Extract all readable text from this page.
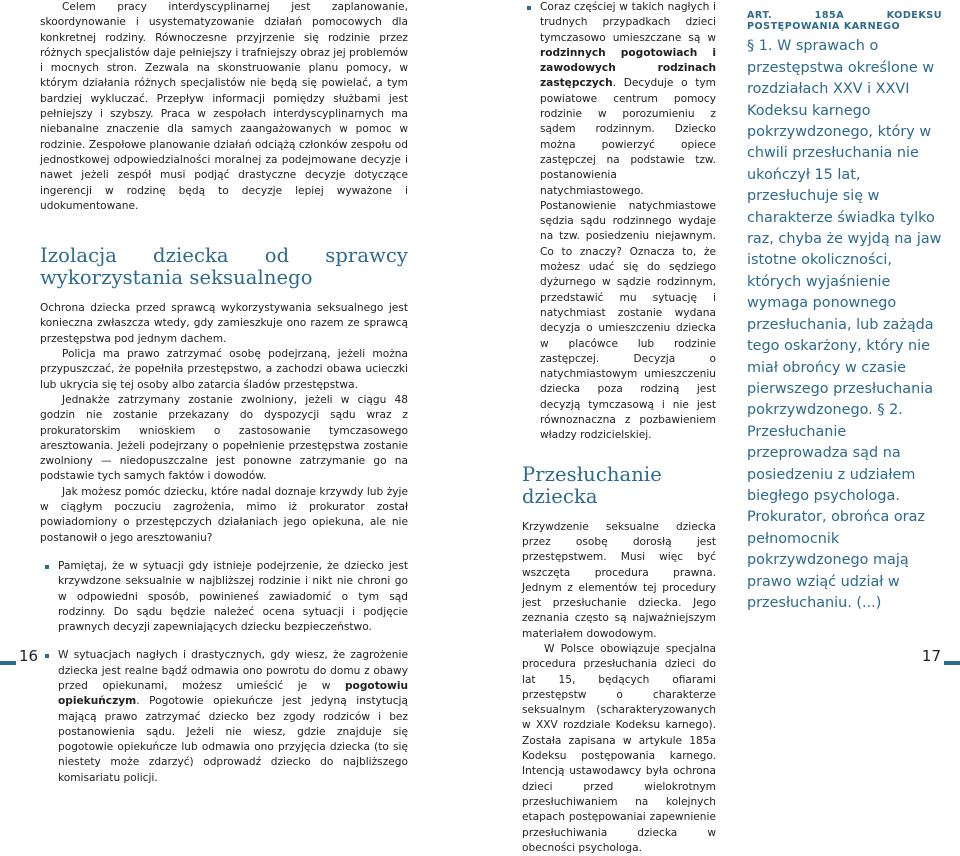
Celem pracy interdyscyplinarnej jest zaplanowanie, skoordynowanie i usystematyzowanie działań pomocowych dla konkretnej rodziny. Równoczesne przyjrzenie się rodzinie przez różnych specjalistów daje pełniejszy i trafniejszy obraz jej problemów i mocnych stron. Zezwala na skonstruowanie planu pomocy, w którym działania różnych specjalistów nie będą się powielać, a tym bardziej wykluczać. Przepływ informacji pomiędzy służbami jest pełniejszy i szybszy. Praca w zespołach interdyscyplinarnych ma niebanalne znaczenie dla samych zaangażowanych w pomoc w rodzinie. Zespołowe planowanie działań odciążą członków zespołu od jednostkowej odpowiedzialności moralnej za podejmowane decyzje i nawet jeżeli zespół musi podjąć drastyczne decyzje dotyczące ingerencji w rodzinę będą to decyzje lepiej wyważone i udokumentowane.

Izolacja dziecka od sprawcy wykorzystania seksualnego

Ochrona dziecka przed sprawcą wykorzystywania seksualnego jest konieczna zwłaszcza wtedy, gdy zamieszkuje ono razem ze sprawcą przestępstwa pod jednym dachem.

Policja ma prawo zatrzymać osobę podejrzaną, jeżeli można przypuszczać, że popełniła przestępstwo, a zachodzi obawa ucieczki lub ukrycia się tej osoby albo zatarcia śladów przestępstwa.

Jednakże zatrzymany zostanie zwolniony, jeżeli w ciągu 48 godzin nie zostanie przekazany do dyspozycji sądu wraz z prokuratorskim wnioskiem o zastosowanie tymczasowego aresztowania. Jeżeli podejrzany o popełnienie przestępstwa zostanie zwolniony — niedopuszczalne jest ponowne zatrzymanie go na podstawie tych samych faktów i dowodów.

Jak możesz pomóc dziecku, które nadal doznaje krzywdy lub żyje w ciągłym poczuciu zagrożenia, mimo iż prokurator został powiadomiony o przestępczych działaniach jego opiekuna, ale nie postanowił o jego aresztowaniu?

Pamiętaj, że w sytuacji gdy istnieje podejrzenie, że dziecko jest krzywdzone seksualnie w najbliższej rodzinie i nikt nie chroni go w odpowiedni sposób, powinieneś zawiadomić o tym sąd rodzinny. Do sądu będzie należeć ocena sytuacji i podjęcie prawnych decyzji zapewniających dziecku bezpieczeństwo.
W sytuacjach nagłych i drastycznych, gdy wiesz, że zagrożenie dziecka jest realne bądź odmawia ono powrotu do domu z obawy przed opiekunami, możesz umieścić je w pogotowiu opiekuńczym. Pogotowie opiekuńcze jest jedyną instytucją mającą prawo zatrzymać dziecko bez zgody rodziców i bez postanowienia sądu. Jeżeli nie wiesz, gdzie znajduje się pogotowie opiekuńcze lub odmawia ono przyjęcia dziecka (to się niestety może zdarzyć) odprowadź dziecko do najbliższego komisariatu policji.
Coraz częściej w takich nagłych i trudnych przypadkach dzieci tymczasowo umieszczane są w rodzinnych pogotowiach i zawodowych rodzinach zastępczych. Decyduje o tym powiatowe centrum pomocy rodzinie w porozumieniu z sądem rodzinnym. Dziecko można powierzyć opiece zastępczej na podstawie tzw. postanowienia natychmiastowego. Postanowienie natychmiastowe sędzia sądu rodzinnego wydaje na tzw. posiedzeniu niejawnym. Co to znaczy? Oznacza to, że możesz udać się do sędziego dyżurnego w sądzie rodzinnym, przedstawić mu sytuację i natychmiast zostanie wydana decyzja o umieszczeniu dziecka w placówce lub rodzinie zastępczej. Decyzja o natychmiastowym umieszczeniu dziecka poza rodziną jest decyzją tymczasową i nie jest równoznaczna z pozbawieniem władzy rodzicielskiej.
Przesłuchanie dziecka

Krzywdzenie seksualne dziecka przez osobę dorosłą jest przestępstwem. Musi więc być wszczęta procedura prawna. Jednym z elementów tej procedury jest przesłuchanie dziecka. Jego zeznania często są najważniejszym materiałem dowodowym.

W Polsce obowiązuje specjalna procedura przesłuchania dzieci do lat 15, będących ofiarami przestępstw o charakterze seksualnym (scharakteryzowanych w XXV rozdziale Kodeksu karnego). Została zapisana w artykule 185a Kodeksu postępowania karnego. Intencją ustawodawcy była ochrona dzieci przed wielokrotnym przesłuchiwaniem na kolejnych etapach postępowaniai zapewnienie przesłuchiwania dziecka w obecności psychologa.

ART. 185A KODEKSU POSTĘPOWANIA KARNEGO
§ 1. W sprawach o przestępstwa określone w rozdziałach XXV i XXVI Kodeksu karnego pokrzywdzonego, który w chwili przesłuchania nie ukończył 15 lat, przesłuchuje się w charakterze świadka tylko raz, chyba że wyjdą na jaw istotne okoliczności, których wyjaśnienie wymaga ponownego przesłuchania, lub zażąda tego oskarżony, który nie miał obrońcy w czasie pierwszego przesłuchania pokrzywdzonego. § 2. Przesłuchanie przeprowadza sąd na posiedzeniu z udziałem biegłego psychologa. Prokurator, obrońca oraz pełnomocnik pokrzywdzonego mają prawo wziąć udział w przesłuchaniu. (...)
16	17
